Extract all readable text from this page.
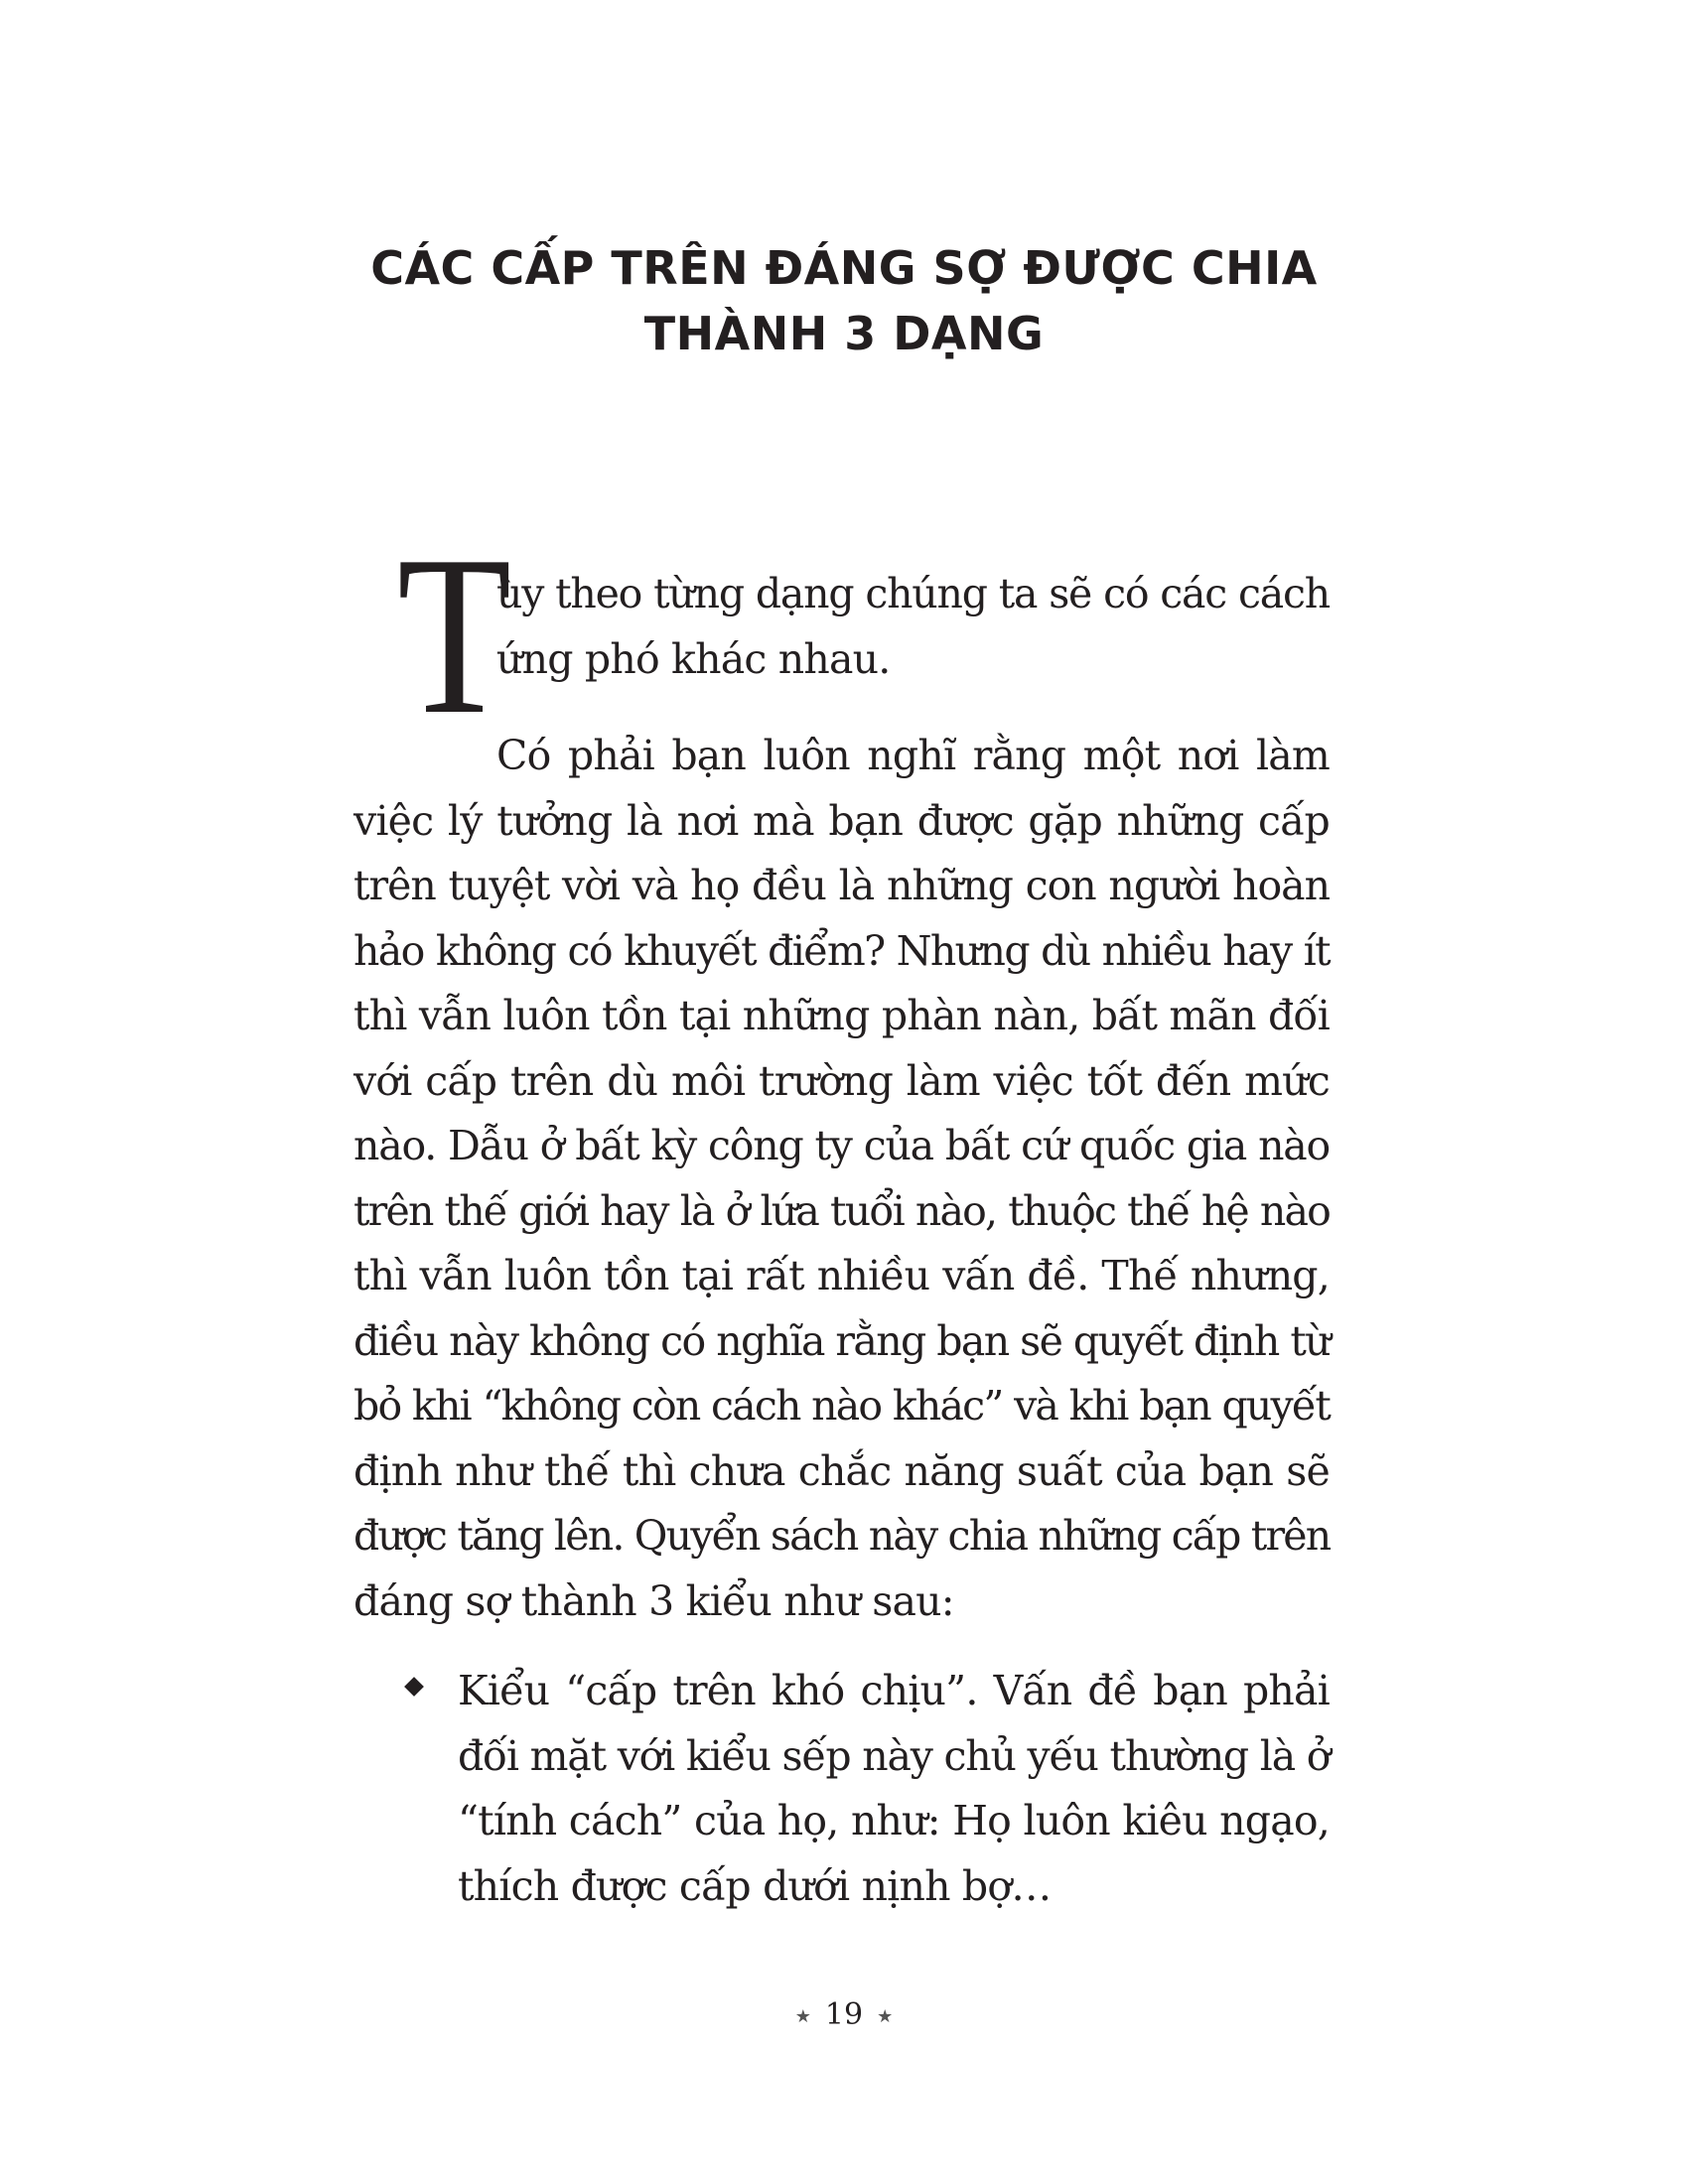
CÁC CẤP TRÊN ĐÁNG SỢ ĐƯỢC CHIA
THÀNH 3 DẠNG
T
ùy theo từng dạng chúng ta sẽ có các cách
ứng phó khác nhau.
Có phải bạn luôn nghĩ rằng một nơi làm
việc lý tưởng là nơi mà bạn được gặp những cấp
trên tuyệt vời và họ đều là những con người hoàn
hảo không có khuyết điểm? Nhưng dù nhiều hay ít
thì vẫn luôn tồn tại những phàn nàn, bất mãn đối
với cấp trên dù môi trường làm việc tốt đến mức
nào. Dẫu ở bất kỳ công ty của bất cứ quốc gia nào
trên thế giới hay là ở lứa tuổi nào, thuộc thế hệ nào
thì vẫn luôn tồn tại rất nhiều vấn đề. Thế nhưng,
điều này không có nghĩa rằng bạn sẽ quyết định từ
bỏ khi “không còn cách nào khác” và khi bạn quyết
định như thế thì chưa chắc năng suất của bạn sẽ
được tăng lên. Quyển sách này chia những cấp trên
đáng sợ thành 3 kiểu như sau:
Kiểu “cấp trên khó chịu”. Vấn đề bạn phải
đối mặt với kiểu sếp này chủ yếu thường là ở
“tính cách” của họ, như: Họ luôn kiêu ngạo,
thích được cấp dưới nịnh bợ…
★ 19 ★
